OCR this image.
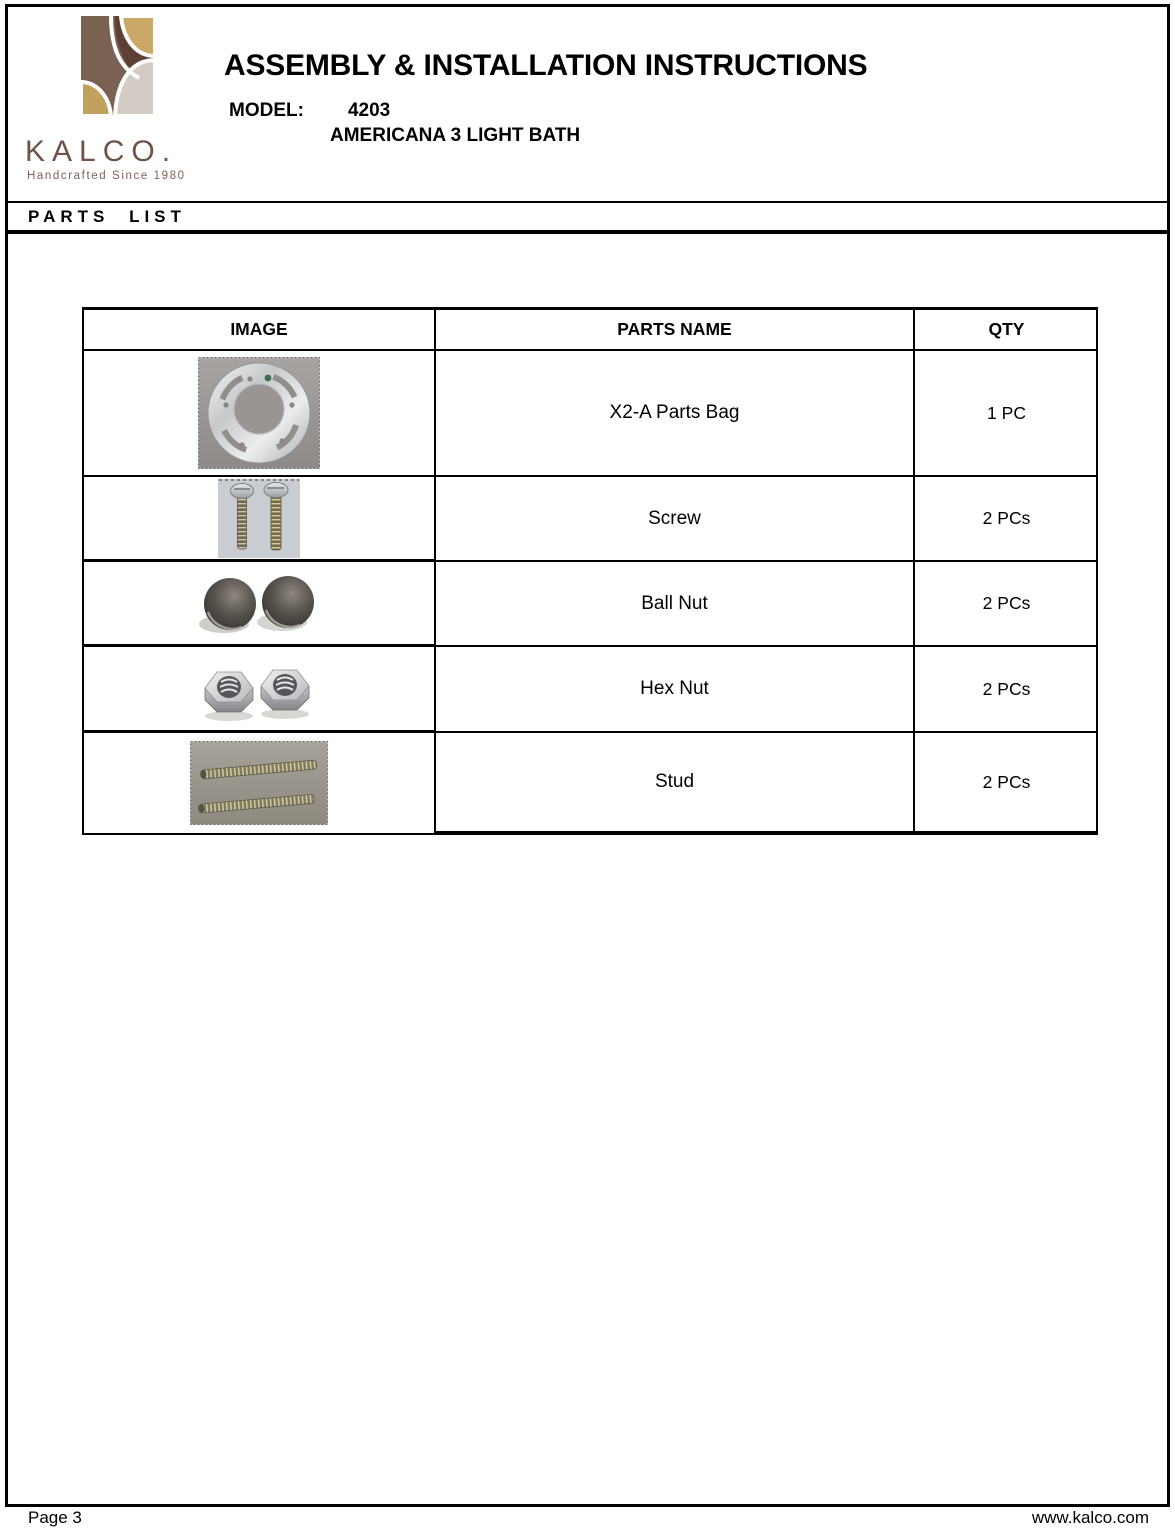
KALCO.
Handcrafted Since 1980
ASSEMBLY & INSTALLATION INSTRUCTIONS
MODEL: 4203
AMERICANA 3 LIGHT BATH
PARTS LIST
IMAGE	PARTS NAME	QTY
X2-A Parts Bag	1 PC
Screw	2 PCs
Ball Nut	2 PCs
Hex Nut	2 PCs
Stud	2 PCs
Page 3	www.kalco.com
